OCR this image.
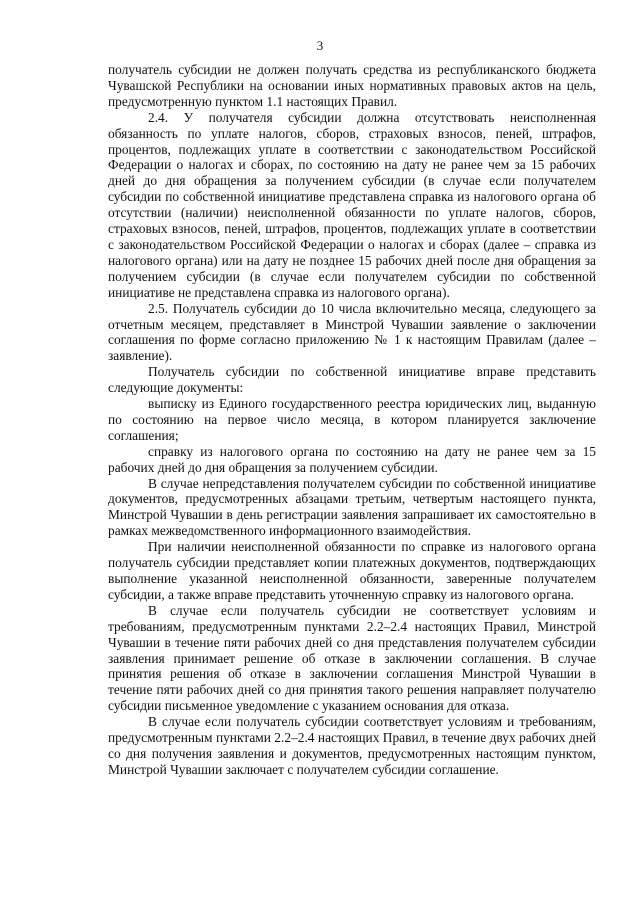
3

получатель субсидии не должен получать средства из республиканского бюджета Чувашской Республики на основании иных нормативных правовых актов на цель, предусмотренную пунктом 1.1 настоящих Правил.

2.4. У получателя субсидии должна отсутствовать неисполненная обязанность по уплате налогов, сборов, страховых взносов, пеней, штрафов, процентов, подлежащих уплате в соответствии с законодательством Российской Федерации о налогах и сборах, по состоянию на дату не ранее чем за 15 рабочих дней до дня обращения за получением субсидии (в случае если получателем субсидии по собственной инициативе представлена справка из налогового органа об отсутствии (наличии) неисполненной обязанности по уплате налогов, сборов, страховых взносов, пеней, штрафов, процентов, подлежащих уплате в соответствии с законодательством Российской Федерации о налогах и сборах (далее – справка из налогового органа) или на дату не позднее 15 рабочих дней после дня обращения за получением субсидии (в случае если получателем субсидии по собственной инициативе не представлена справка из налогового органа).

2.5. Получатель субсидии до 10 числа включительно месяца, следующего за отчетным месяцем, представляет в Минстрой Чувашии заявление о заключении соглашения по форме согласно приложению № 1 к настоящим Правилам (далее – заявление).

Получатель субсидии по собственной инициативе вправе представить следующие документы:

выписку из Единого государственного реестра юридических лиц, выданную по состоянию на первое число месяца, в котором планируется заключение соглашения;

справку из налогового органа по состоянию на дату не ранее чем за 15 рабочих дней до дня обращения за получением субсидии.

В случае непредставления получателем субсидии по собственной инициативе документов, предусмотренных абзацами третьим, четвертым настоящего пункта, Минстрой Чувашии в день регистрации заявления запрашивает их самостоятельно в рамках межведомственного информационного взаимодействия.

При наличии неисполненной обязанности по справке из налогового органа получатель субсидии представляет копии платежных документов, подтверждающих выполнение указанной неисполненной обязанности, заверенные получателем субсидии, а также вправе представить уточненную справку из налогового органа.

В случае если получатель субсидии не соответствует условиям и требованиям, предусмотренным пунктами 2.2–2.4 настоящих Правил, Минстрой Чувашии в течение пяти рабочих дней со дня представления получателем субсидии заявления принимает решение об отказе в заключении соглашения. В случае принятия решения об отказе в заключении соглашения Минстрой Чувашии в течение пяти рабочих дней со дня принятия такого решения направляет получателю субсидии письменное уведомление с указанием основания для отказа.

В случае если получатель субсидии соответствует условиям и требованиям, предусмотренным пунктами 2.2–2.4 настоящих Правил, в течение двух рабочих дней со дня получения заявления и документов, предусмотренных настоящим пунктом, Минстрой Чувашии заключает с получателем субсидии соглашение.
